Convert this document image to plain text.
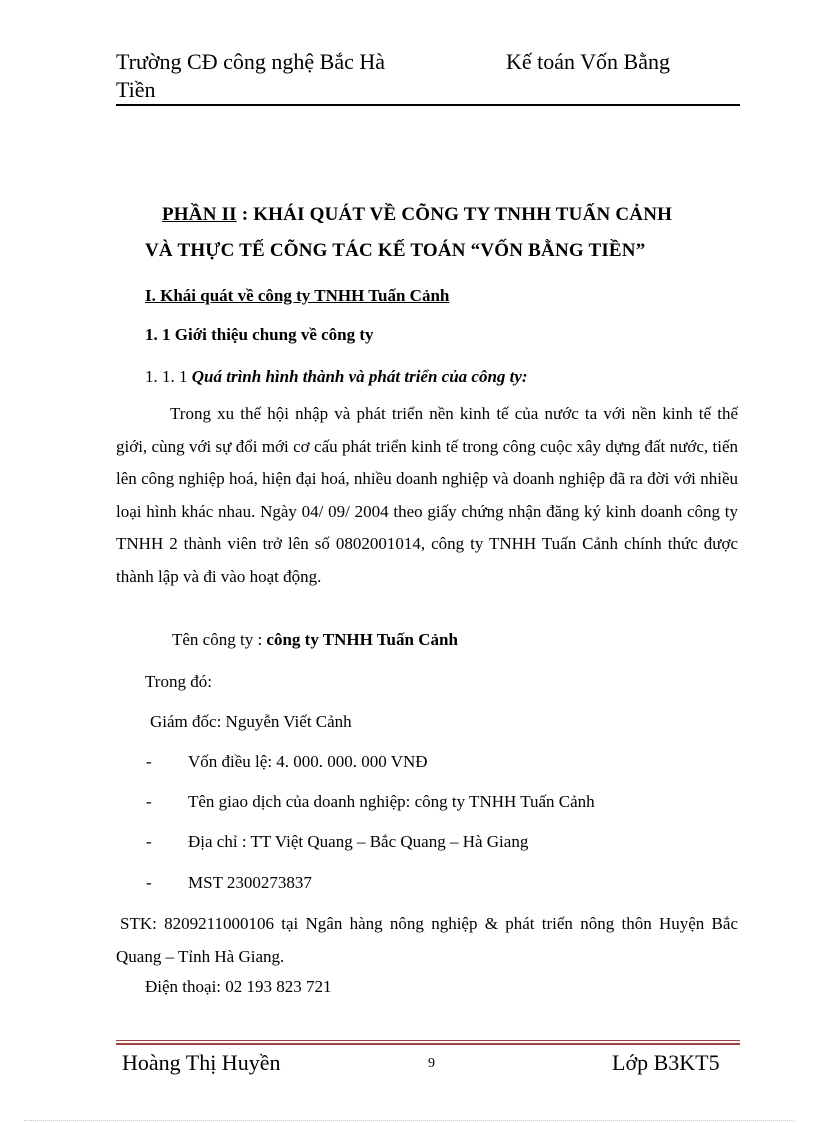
Trường CĐ công nghệ Bắc Hà
Tiền
Kế toán Vốn Bằng
PHẦN II : KHÁI QUÁT VỀ CÕNG TY TNHH TUẤN CẢNH
VÀ THỰC TẾ CÕNG TÁC KẾ TOÁN “VỐN BẰNG TIỀN”
I. Khái quát về công ty TNHH Tuấn Cảnh
1. 1 Giới thiệu chung về công ty
1. 1. 1 Quá trình hình thành và phát triển của công ty:
Trong xu thế hội nhập và phát triển nền kinh tế của nước ta với nền kinh tế thế giới, cùng với sự đổi mới cơ cấu phát triển kinh tế trong công cuộc xây dựng đất nước, tiến lên công nghiệp hoá, hiện đại hoá, nhiều doanh nghiệp và doanh nghiệp đã ra đời với nhiều loại hình khác nhau. Ngày 04/ 09/ 2004 theo giấy chứng nhận đăng ký kinh doanh công ty TNHH 2 thành viên trở lên số 0802001014, công ty TNHH Tuấn Cảnh chính thức được thành lập và đi vào hoạt động.
Tên công ty : công ty TNHH Tuấn Cảnh
Trong đó:
Giám đốc: Nguyễn Viết Cảnh
- Vốn điều lệ: 4. 000. 000. 000 VNĐ
- Tên giao dịch của doanh nghiệp: công ty TNHH Tuấn Cảnh
- Địa chỉ : TT Việt Quang – Bắc Quang – Hà Giang
- MST 2300273837
STK: 8209211000106 tại Ngân hàng nông nghiệp & phát triển nông thôn Huyện Bắc Quang – Tỉnh Hà Giang.
Điện thoại: 02 193 823 721
Hoàng Thị Huyền	9	Lớp B3KT5
